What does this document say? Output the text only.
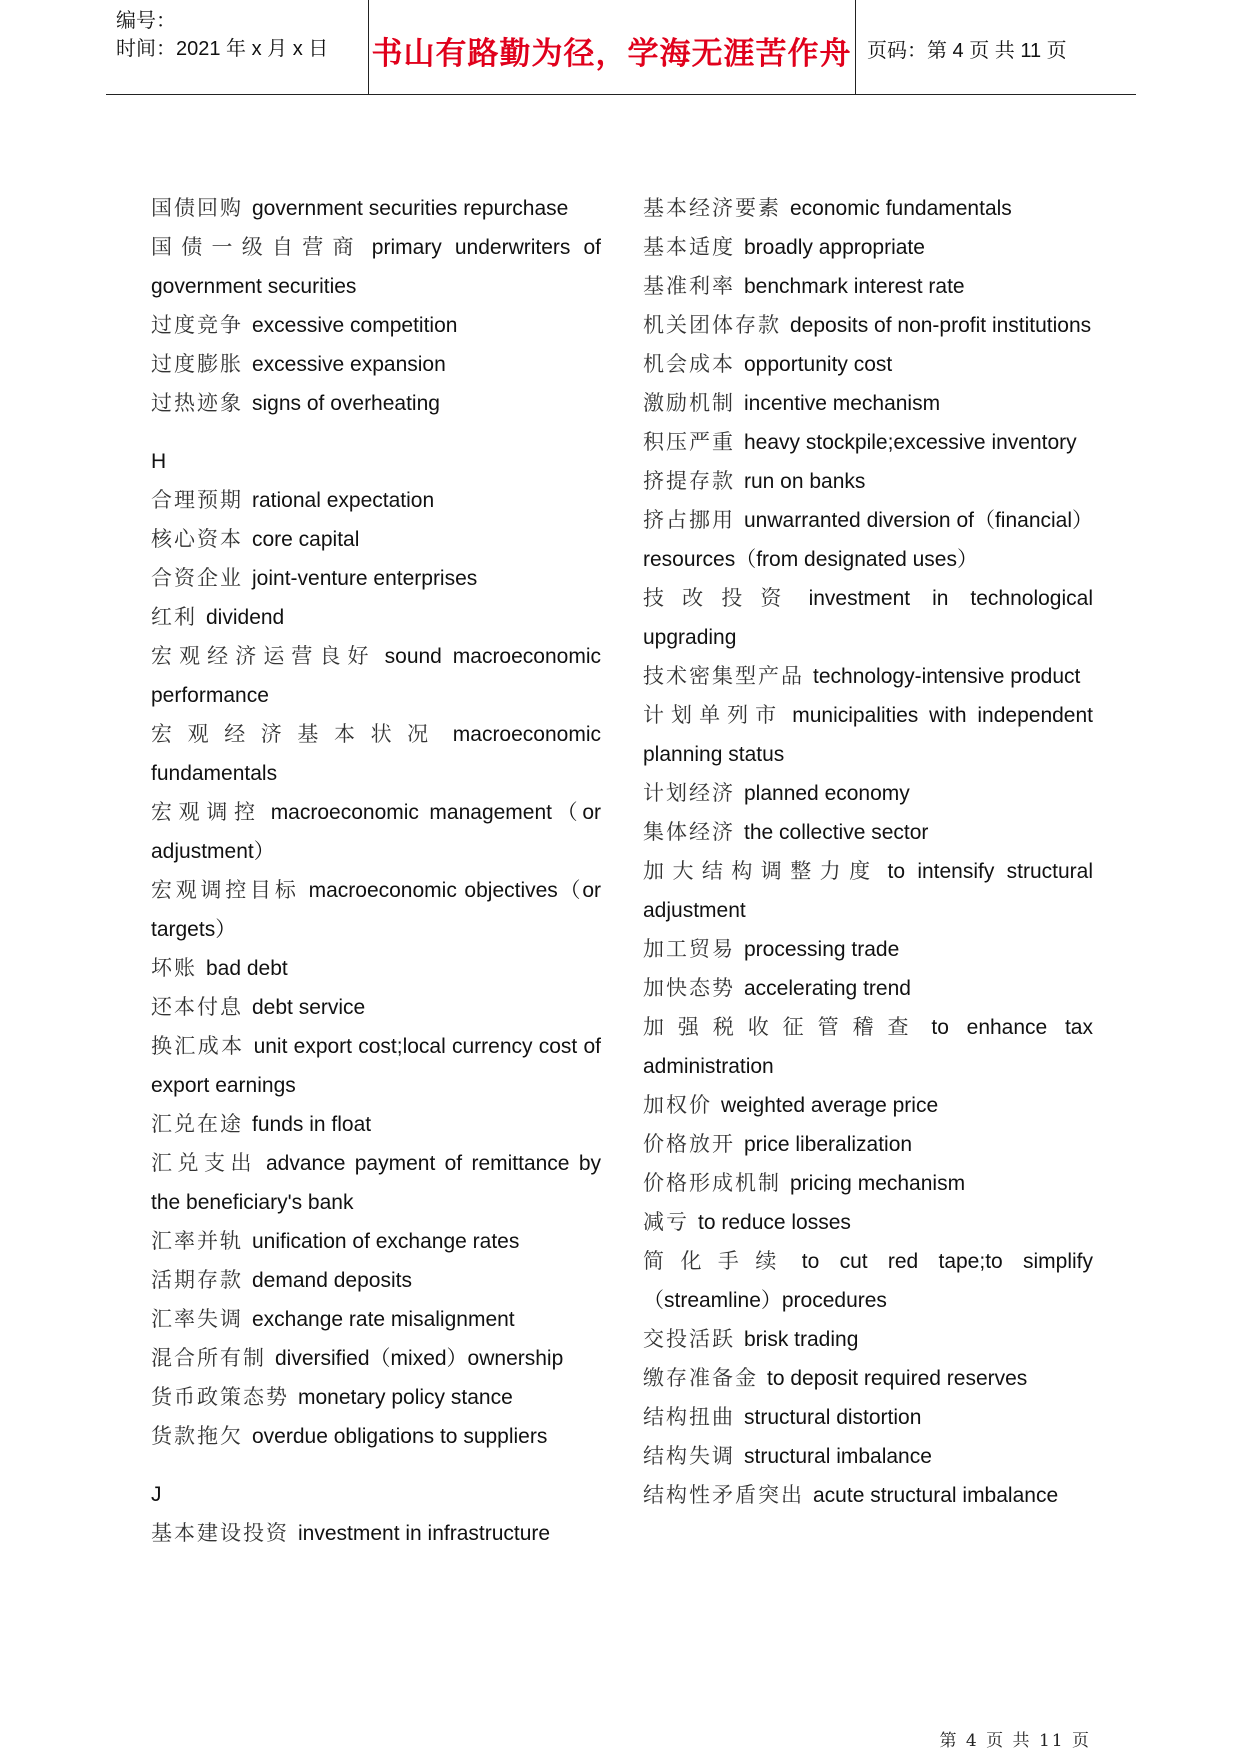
编号：
时间：2021 年 x 月 x 日 书山有路勤为径，学海无涯苦作舟 页码：第 4 页 共 11 页
国债回购 government securities repurchase
国债一级自营商 primary underwriters of government securities
过度竞争 excessive competition
过度膨胀 excessive expansion
过热迹象 signs of overheating
H
合理预期 rational expectation
核心资本 core capital
合资企业 joint-venture enterprises
红利 dividend
宏观经济运营良好 sound macroeconomic performance
宏观经济基本状况 macroeconomic fundamentals
宏观调控 macroeconomic management（or adjustment）
宏观调控目标 macroeconomic objectives（or targets）
坏账 bad debt
还本付息 debt service
换汇成本 unit export cost;local currency cost of export earnings
汇兑在途 funds in float
汇兑支出 advance payment of remittance by the beneficiary's bank
汇率并轨 unification of exchange rates
活期存款 demand deposits
汇率失调 exchange rate misalignment
混合所有制 diversified（mixed）ownership
货币政策态势 monetary policy stance
货款拖欠 overdue obligations to suppliers
J
基本建设投资 investment in infrastructure
基本经济要素 economic fundamentals
基本适度 broadly appropriate
基准利率 benchmark interest rate
机关团体存款 deposits of non-profit institutions
机会成本 opportunity cost
激励机制 incentive mechanism
积压严重 heavy stockpile;excessive inventory
挤提存款 run on banks
挤占挪用 unwarranted diversion of（financial）resources（from designated uses）
技改投资 investment in technological upgrading
技术密集型产品 technology-intensive product
计划单列市 municipalities with independent planning status
计划经济 planned economy
集体经济 the collective sector
加大结构调整力度 to intensify structural adjustment
加工贸易 processing trade
加快态势 accelerating trend
加强税收征管稽查 to enhance tax administration
加权价 weighted average price
价格放开 price liberalization
价格形成机制 pricing mechanism
减亏 to reduce losses
简化手续 to cut red tape;to simplify（streamline）procedures
交投活跃 brisk trading
缴存准备金 to deposit required reserves
结构扭曲 structural distortion
结构失调 structural imbalance
结构性矛盾突出 acute structural imbalance
第 4 页 共 11 页
